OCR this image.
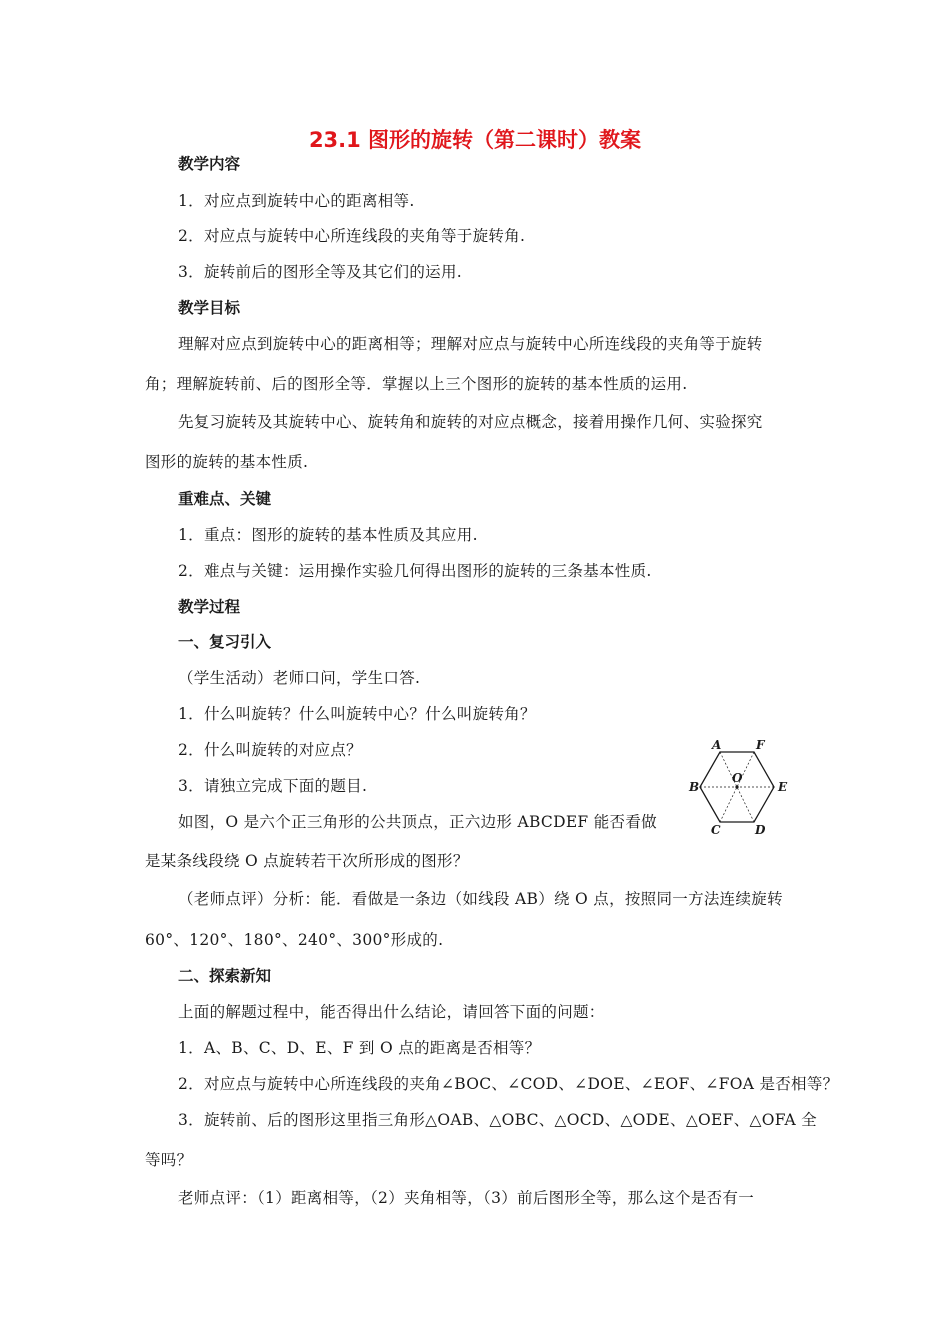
23.1 图形的旋转（第二课时）教案
教学内容
1．对应点到旋转中心的距离相等.
2．对应点与旋转中心所连线段的夹角等于旋转角.
3．旋转前后的图形全等及其它们的运用.
教学目标
理解对应点到旋转中心的距离相等；理解对应点与旋转中心所连线段的夹角等于旋转
角；理解旋转前、后的图形全等．掌握以上三个图形的旋转的基本性质的运用.
先复习旋转及其旋转中心、旋转角和旋转的对应点概念，接着用操作几何、实验探究
图形的旋转的基本性质.
重难点、关键
1．重点：图形的旋转的基本性质及其应用.
2．难点与关键：运用操作实验几何得出图形的旋转的三条基本性质.
教学过程
一、复习引入
（学生活动）老师口问，学生口答.
1．什么叫旋转？什么叫旋转中心？什么叫旋转角？
2．什么叫旋转的对应点？
3．请独立完成下面的题目.
如图，O 是六个正三角形的公共顶点，正六边形 ABCDEF 能否看做
是某条线段绕 O 点旋转若干次所形成的图形？
（老师点评）分析：能．看做是一条边（如线段 AB）绕 O 点，按照同一方法连续旋转
60°、120°、180°、240°、300°形成的.
二、探索新知
上面的解题过程中，能否得出什么结论，请回答下面的问题：
1．A、B、C、D、E、F 到 O 点的距离是否相等？
2．对应点与旋转中心所连线段的夹角∠BOC、∠COD、∠DOE、∠EOF、∠FOA 是否相等？
3．旋转前、后的图形这里指三角形△OAB、△OBC、△OCD、△ODE、△OEF、△OFA 全
等吗？
老师点评：（1）距离相等，（2）夹角相等，（3）前后图形全等，那么这个是否有一
A	F
B	E
C	D
O
